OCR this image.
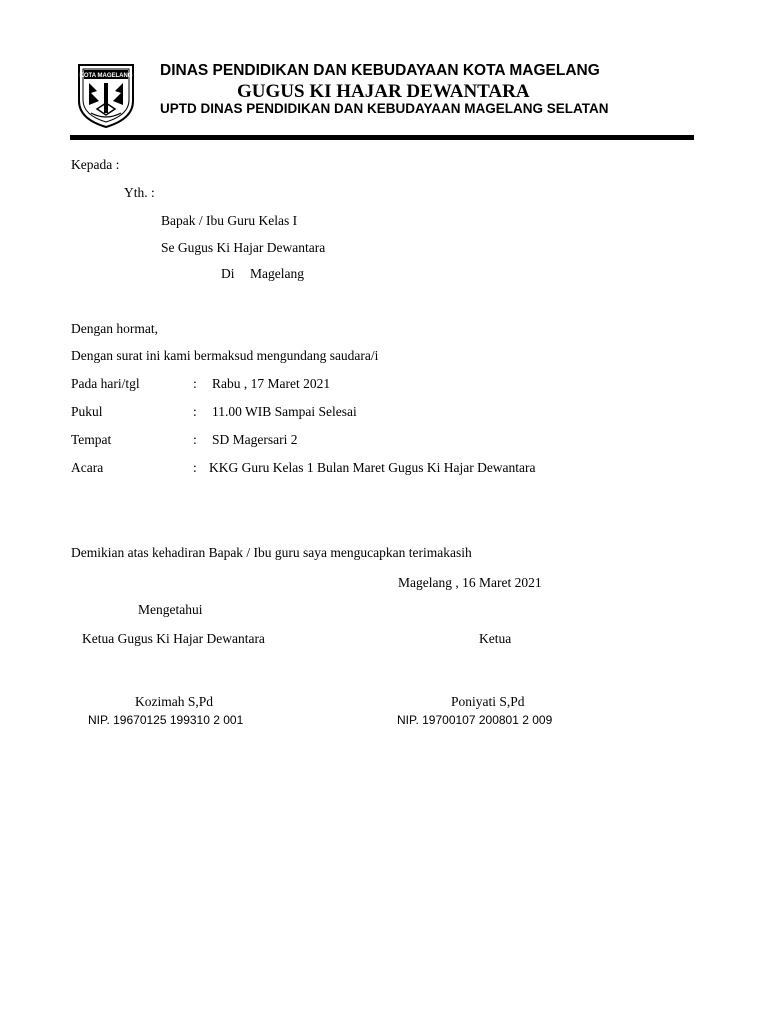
KOTA MAGELANG DINAS PENDIDIKAN DAN KEBUDAYAAN KOTA MAGELANG
GUGUS KI HAJAR DEWANTARA
UPTD DINAS PENDIDIKAN DAN KEBUDAYAAN MAGELANG SELATAN
Kepada :
Yth. :
Bapak / Ibu Guru Kelas I
Se Gugus Ki Hajar Dewantara
Di Magelang
Dengan hormat,
Dengan surat ini kami bermaksud mengundang saudara/i
Pada hari/tgl	: Rabu , 17 Maret 2021
Pukul	: 11.00 WIB Sampai Selesai
Tempat	: SD Magersari 2
Acara	: KKG Guru Kelas 1 Bulan Maret Gugus Ki Hajar Dewantara
Demikian atas kehadiran Bapak / Ibu guru saya mengucapkan terimakasih
Magelang , 16 Maret 2021
Mengetahui
Ketua Gugus Ki Hajar Dewantara	Ketua
Kozimah S,Pd	Poniyati S,Pd
NIP. 19670125 199310 2 001	NIP. 19700107 200801 2 009
